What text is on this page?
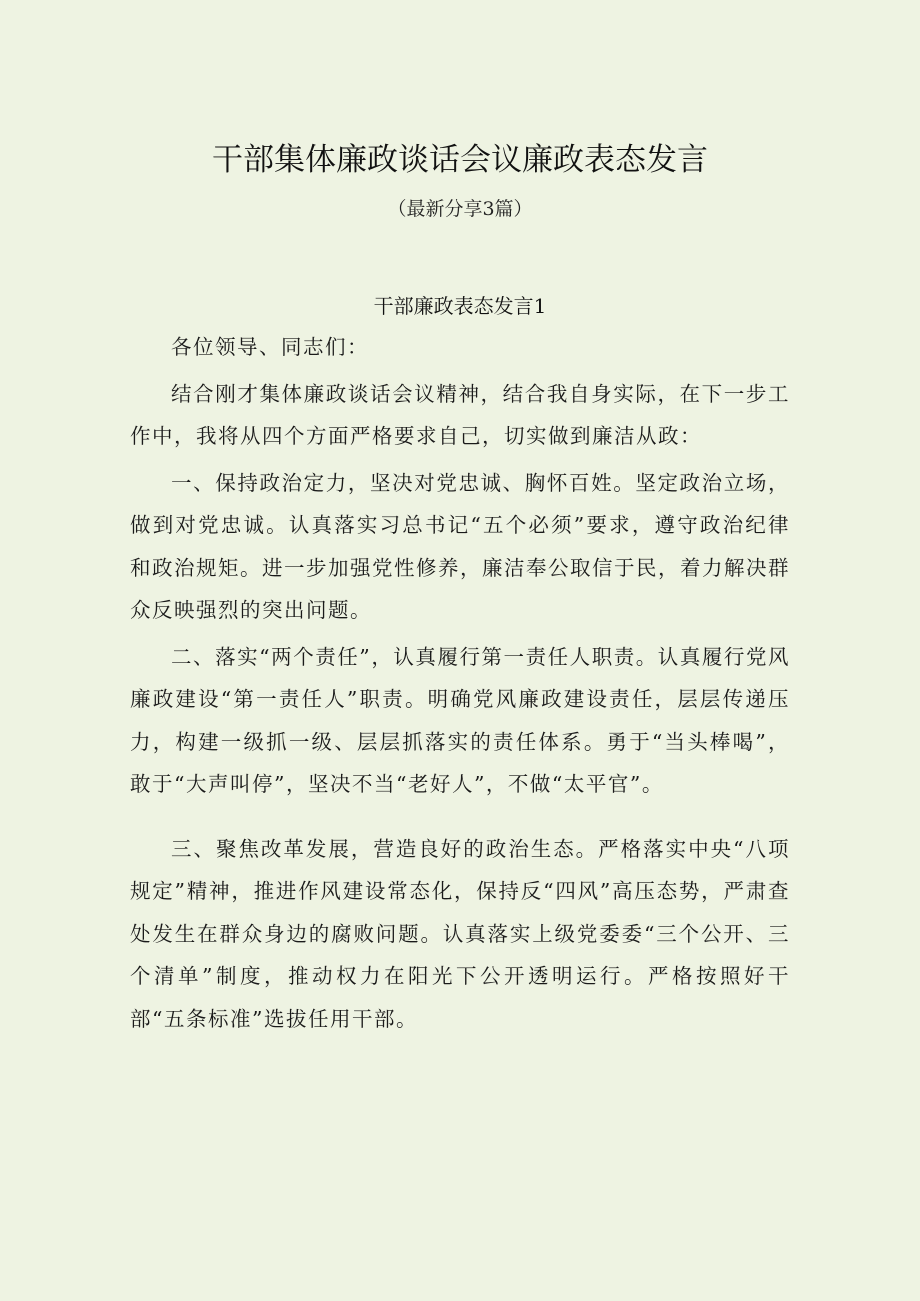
干部集体廉政谈话会议廉政表态发言
（最新分享3篇）
干部廉政表态发言1

各位领导、同志们：

结合刚才集体廉政谈话会议精神，结合我自身实际，在下一步工作中，我将从四个方面严格要求自己，切实做到廉洁从政：

一、保持政治定力，坚决对党忠诚、胸怀百姓。坚定政治立场，做到对党忠诚。认真落实习总书记“五个必须”要求，遵守政治纪律和政治规矩。进一步加强党性修养，廉洁奉公取信于民，着力解决群众反映强烈的突出问题。

二、落实“两个责任”，认真履行第一责任人职责。认真履行党风廉政建设“第一责任人”职责。明确党风廉政建设责任，层层传递压力，构建一级抓一级、层层抓落实的责任体系。勇于“当头棒喝”，敢于“大声叫停”，坚决不当“老好人”，不做“太平官”。

三、聚焦改革发展，营造良好的政治生态。严格落实中央“八项规定”精神，推进作风建设常态化，保持反“四风”高压态势，严肃查处发生在群众身边的腐败问题。认真落实上级党委委“三个公开、三个清单”制度，推动权力在阳光下公开透明运行。严格按照好干部“五条标准”选拔任用干部。
